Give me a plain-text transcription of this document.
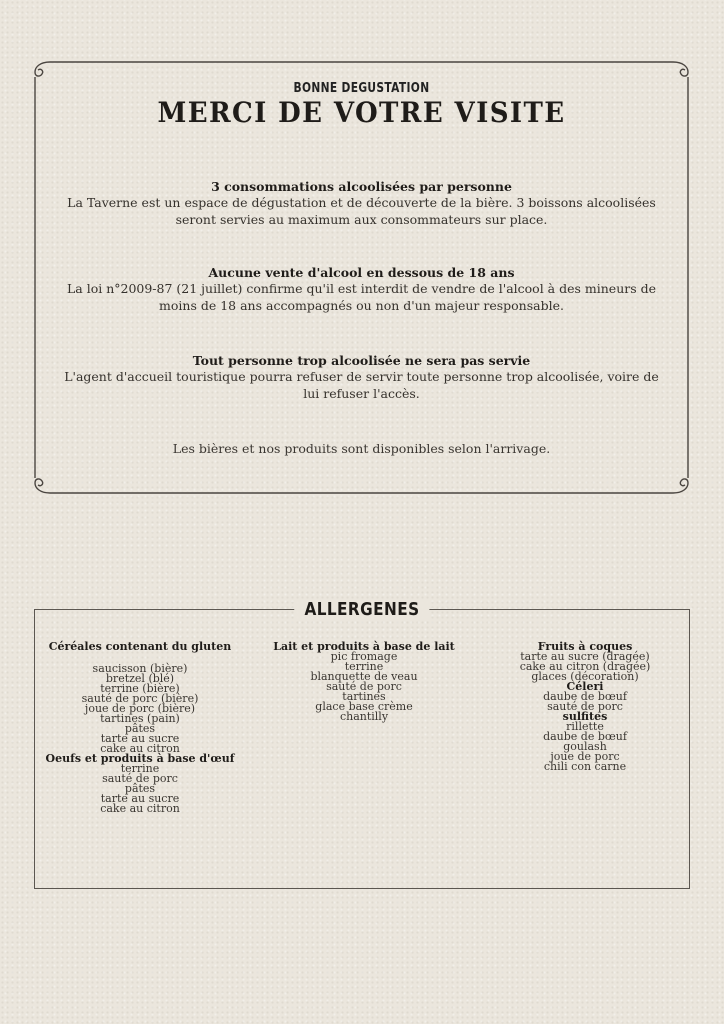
BONNE DEGUSTATION
MERCI DE VOTRE VISITE
3 consommations alcoolisées par personne
La Taverne est un espace de dégustation et de découverte de la bière. 3 boissons alcoolisées
seront servies au maximum aux consommateurs sur place.
Aucune vente d'alcool en dessous de 18 ans
La loi n°2009-87 (21 juillet) confirme qu'il est interdit de vendre de l'alcool à des mineurs de
moins de 18 ans accompagnés ou non d'un majeur responsable.
Tout personne trop alcoolisée ne sera pas servie
L'agent d'accueil touristique pourra refuser de servir toute personne trop alcoolisée, voire de
lui refuser l'accès.
Les bières et nos produits sont disponibles selon l'arrivage.
ALLERGENES
Céréales contenant du gluten
saucisson (bière)
bretzel (blé)
terrine (bière)
sauté de porc (bière)
joue de porc (bière)
tartines (pain)
pâtes
tarte au sucre
cake au citron
Oeufs et produits à base d'œuf
terrine
sauté de porc
pâtes
tarte au sucre
cake au citron
Lait et produits à base de lait
pic fromage
terrine
blanquette de veau
sauté de porc
tartines
glace base crème
chantilly
Fruits à coques
tarte au sucre (dragée)
cake au citron (dragée)
glaces (décoration)
Céleri
daube de bœuf
sauté de porc
sulfites
rillette
daube de bœuf
goulash
joue de porc
chili con carne
